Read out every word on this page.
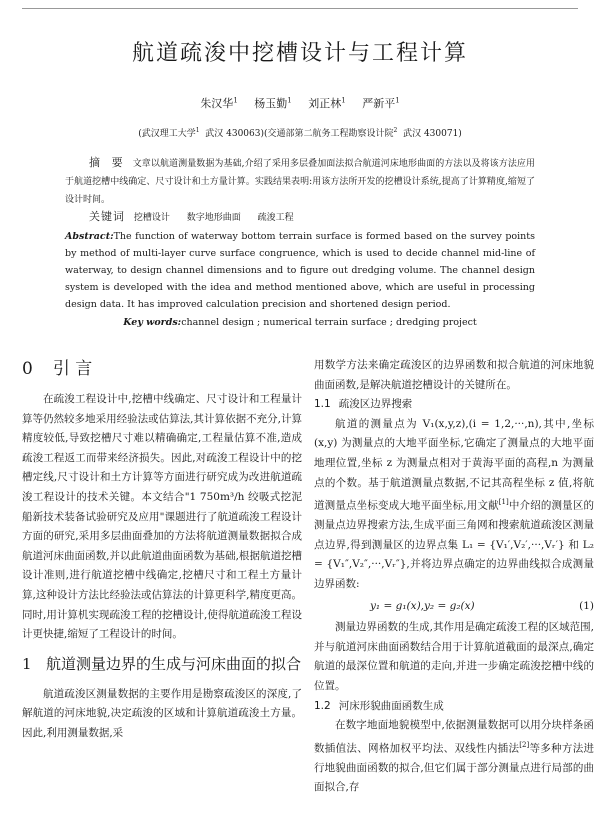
航道疏浚中挖槽设计与工程计算
朱汉华$^1$ 杨玉勤$^1$ 刘正林$^1$ 严新平$^1$
(武汉理工大学$^1$ 武汉 430063)(交通部第二航务工程勘察设计院$^2$ 武汉 430071)
摘 要 文章以航道测量数据为基础,介绍了采用多层叠加面法拟合航道河床地形曲面的方法以及将该方法应用于航道挖槽中线确定、尺寸设计和土方量计算。实践结果表明:用该方法所开发的挖槽设计系统,提高了计算精度,缩短了设计时间。
关键词 挖槽设计 数字地形曲面 疏浚工程
Abstract:The function of waterway bottom terrain surface is formed based on the survey points by method of multi-layer curve surface congruence, which is used to decide channel mid-line of waterway, to design channel dimensions and to figure out dredging volume. The channel design system is developed with the idea and method mentioned above, which are useful in processing design data. It has improved calculation precision and shortened design period.
Key words:channel design ; numerical terrain surface ; dredging project
0 引 言

在疏浚工程设计中,挖槽中线确定、尺寸设计和工程量计算等仍然较多地采用经验法或估算法,其计算依据不充分,计算精度较低,导致挖槽尺寸难以精确确定,工程量估算不准,造成疏浚工程返工而带来经济损失。因此,对疏浚工程设计中的挖槽定线,尺寸设计和土方计算等方面进行研究成为改进航道疏浚工程设计的技术关键。本文结合"1 750m³/h 绞吸式挖泥船新技术装备试验研究及应用"课题进行了航道疏浚工程设计方面的研究,采用多层曲面叠加的方法将航道测量数据拟合成航道河床曲面函数,并以此航道曲面函数为基础,根据航道挖槽设计准则,进行航道挖槽中线确定,挖槽尺寸和工程土方量计算,这种设计方法比经验法或估算法的计算更科学,精度更高。同时,用计算机实现疏浚工程的挖槽设计,使得航道疏浚工程设计更快捷,缩短了工程设计的时间。

1 航道测量边界的生成与河床曲面的拟合

航道疏浚区测量数据的主要作用是勘察疏浚区的深度,了解航道的河床地貌,决定疏浚的区域和计算航道疏浚土方量。因此,利用测量数据,采

用数学方法来确定疏浚区的边界函数和拟合航道的河床地貌曲面函数,是解决航道挖槽设计的关键所在。

1.1 疏浚区边界搜索

航道的测量点为 V₁(x,y,z),(i = 1,2,···,n),其中,坐标(x,y) 为测量点的大地平面坐标,它确定了测量点的大地平面地理位置,坐标 z 为测量点相对于黄海平面的高程,n 为测量点的个数。基于航道测量点数据,不记其高程坐标 z 值,将航道测量点坐标变成大地平面坐标,用文献[1]中介绍的测量区的测量点边界搜索方法,生成平面三角网和搜索航道疏浚区测量点边界,得到测量区的边界点集 L₁ = {V₁′,V₂′,···,Vᵣ′} 和 L₂ = {V₁″,V₂″,···,Vᵣ″},并将边界点确定的边界曲线拟合成测量边界函数:

y₁ = g₁(x),y₂ = g₂(x)	(1)

测量边界函数的生成,其作用是确定疏浚工程的区域范围,并与航道河床曲面函数结合用于计算航道截面的最深点,确定航道的最深位置和航道的走向,并进一步确定疏浚挖槽中线的位置。

1.2 河床形貌曲面函数生成

在数字地面地貌模型中,依据测量数据可以用分块样条函数插值法、网格加权平均法、双线性内插法[2]等多种方法进行地貌曲面函数的拟合,但它们属于部分测量点进行局部的曲面拟合,存
